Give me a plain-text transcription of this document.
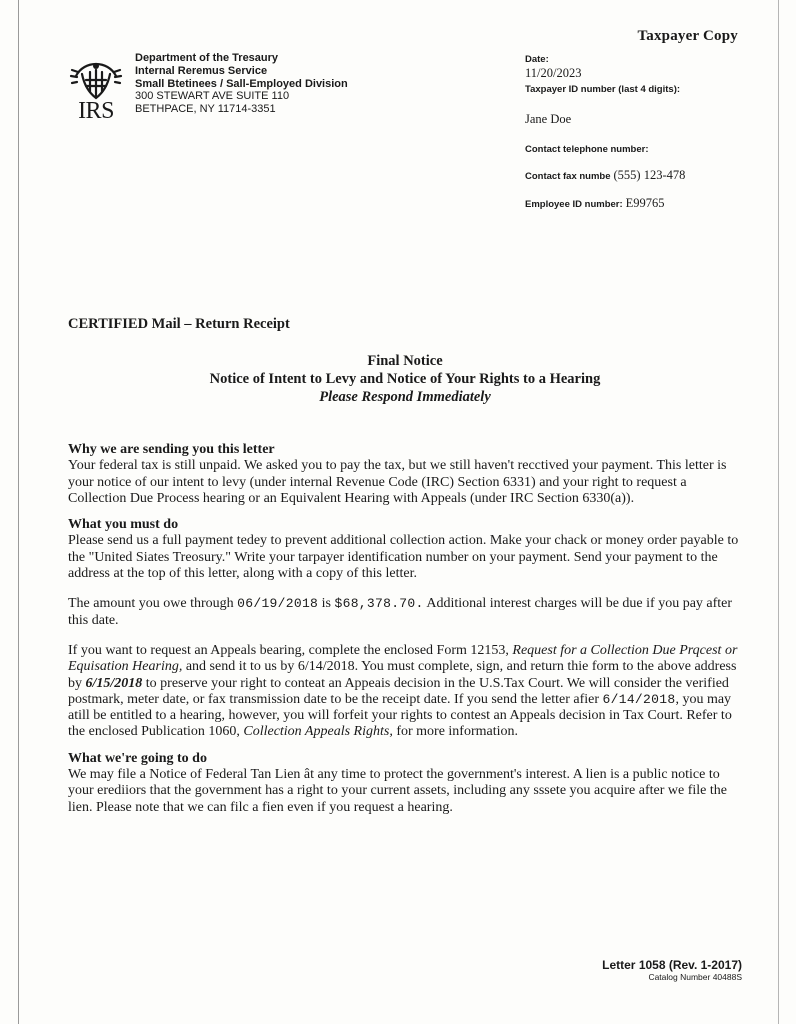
Taxpayer Copy
IRS
Department of the Tresaury
Internal Reremus Service
Small Btetinees / Sall-Employed Division
300 STEWART AVE SUITE 110
BETHPACE, NY 11714-3351
Date:
11/20/2023
Taxpayer ID number (last 4 digits):
Jane Doe
Contact telephone number:
Contact fax numbe (555) 123-478
Employee ID number: E99765
CERTIFIED Mail – Return Receipt
Final Notice
Notice of Intent to Levy and Notice of Your Rights to a Hearing
Please Respond Immediately
Why we are sending you this letter

Your federal tax is still unpaid. We asked you to pay the tax, but we still haven't recctived your payment. This letter is your notice of our intent to levy (under internal Revenue Code (IRC) Section 6331) and your right to request a Collection Due Process hearing or an Equivalent Hearing with Appeals (under IRC Section 6330(a)).

What you must do

Please send us a full payment tedey to prevent additional collection action. Make your chack or money order payable to the "United Siates Treosury." Write your tarpayer identification number on your payment. Send your payment to the address at the top of this letter, along with a copy of this letter.

The amount you owe through 06/19/2018 is $68,378.70. Additional interest charges will be due if you pay after this date.

If you want to request an Appeals bearing, complete the enclosed Form 12153, Request for a Collection Due Prqcest or Equisation Hearing, and send it to us by 6/14/2018. You must complete, sign, and return thie form to the above address by 6/15/2018 to preserve your right to conteat an Appeais decision in the U.S.Tax Court. We will consider the verified postmark, meter date, or fax transmission date to be the receipt date. If you send the letter afier 6/14/2018, you may atill be entitled to a hearing, however, you will forfeit your rights to contest an Appeals decision in Tax Court. Refer to the enclosed Publication 1060, Collection Appeals Rights, for more information.

What we're going to do

We may file a Notice of Federal Tan Lien ât any time to protect the government's interest. A lien is a public notice to your erediiors that the government has a right to your current assets, including any sssete you acquire after we file the lien. Please note that we can filc a fien even if you request a hearing.

Letter 1058 (Rev. 1-2017)
Catalog Number 40488S
